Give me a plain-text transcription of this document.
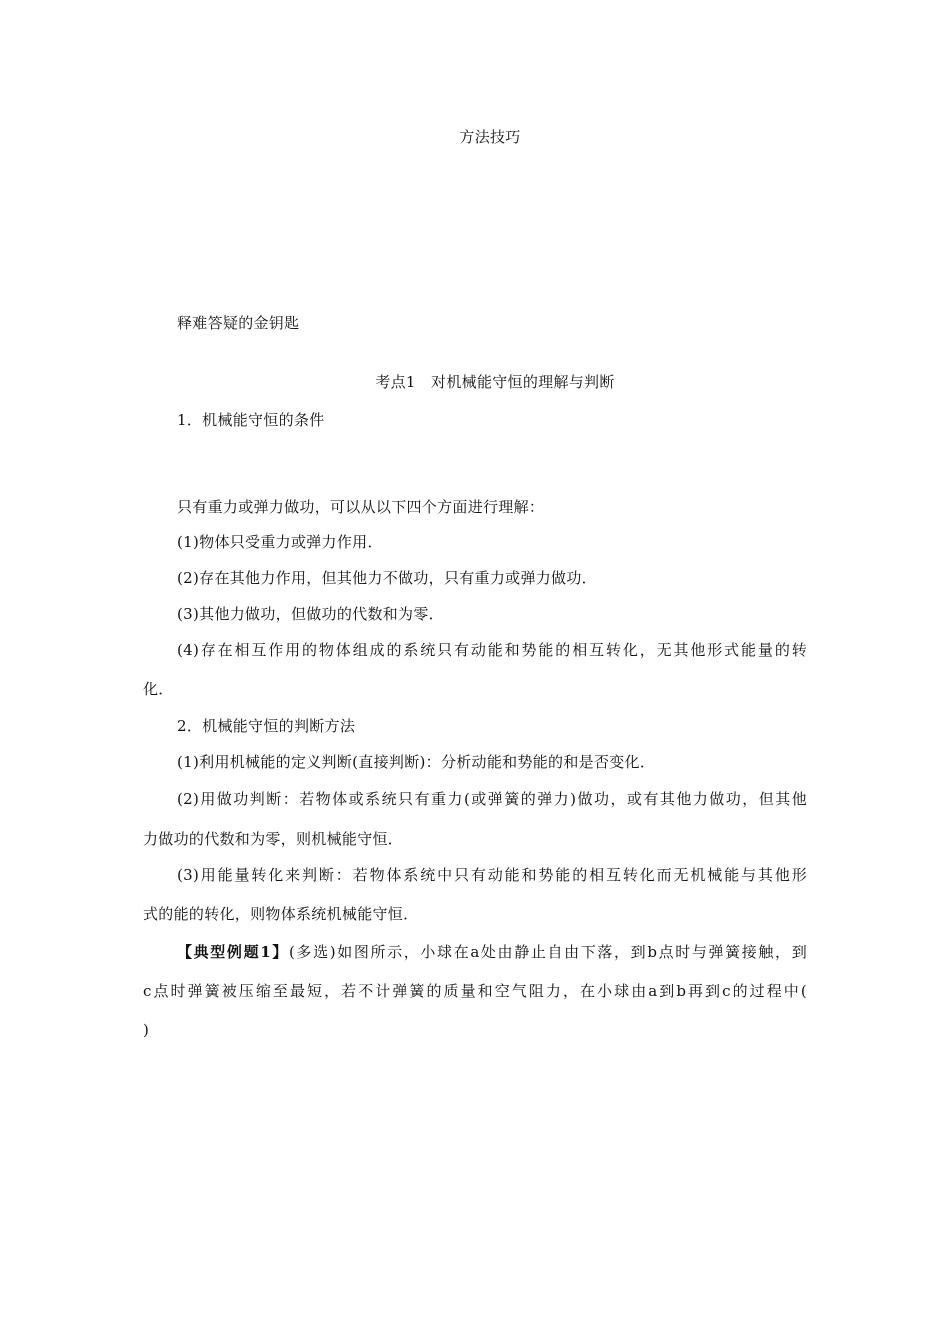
方法技巧
释难答疑的金钥匙
考点1　对机械能守恒的理解与判断
1．机械能守恒的条件
只有重力或弹力做功，可以从以下四个方面进行理解：
(1)物体只受重力或弹力作用．
(2)存在其他力作用，但其他力不做功，只有重力或弹力做功．
(3)其他力做功，但做功的代数和为零．
(4)存在相互作用的物体组成的系统只有动能和势能的相互转化，无其他形式能量的转
化．
2．机械能守恒的判断方法
(1)利用机械能的定义判断(直接判断)：分析动能和势能的和是否变化．
(2)用做功判断：若物体或系统只有重力(或弹簧的弹力)做功，或有其他力做功，但其他
力做功的代数和为零，则机械能守恒．
(3)用能量转化来判断：若物体系统中只有动能和势能的相互转化而无机械能与其他形
式的能的转化，则物体系统机械能守恒．
【典型例题1】(多选)如图所示，小球在a处由静止自由下落，到b点时与弹簧接触，到
c点时弹簧被压缩至最短，若不计弹簧的质量和空气阻力，在小球由a到b再到c的过程中(
)
